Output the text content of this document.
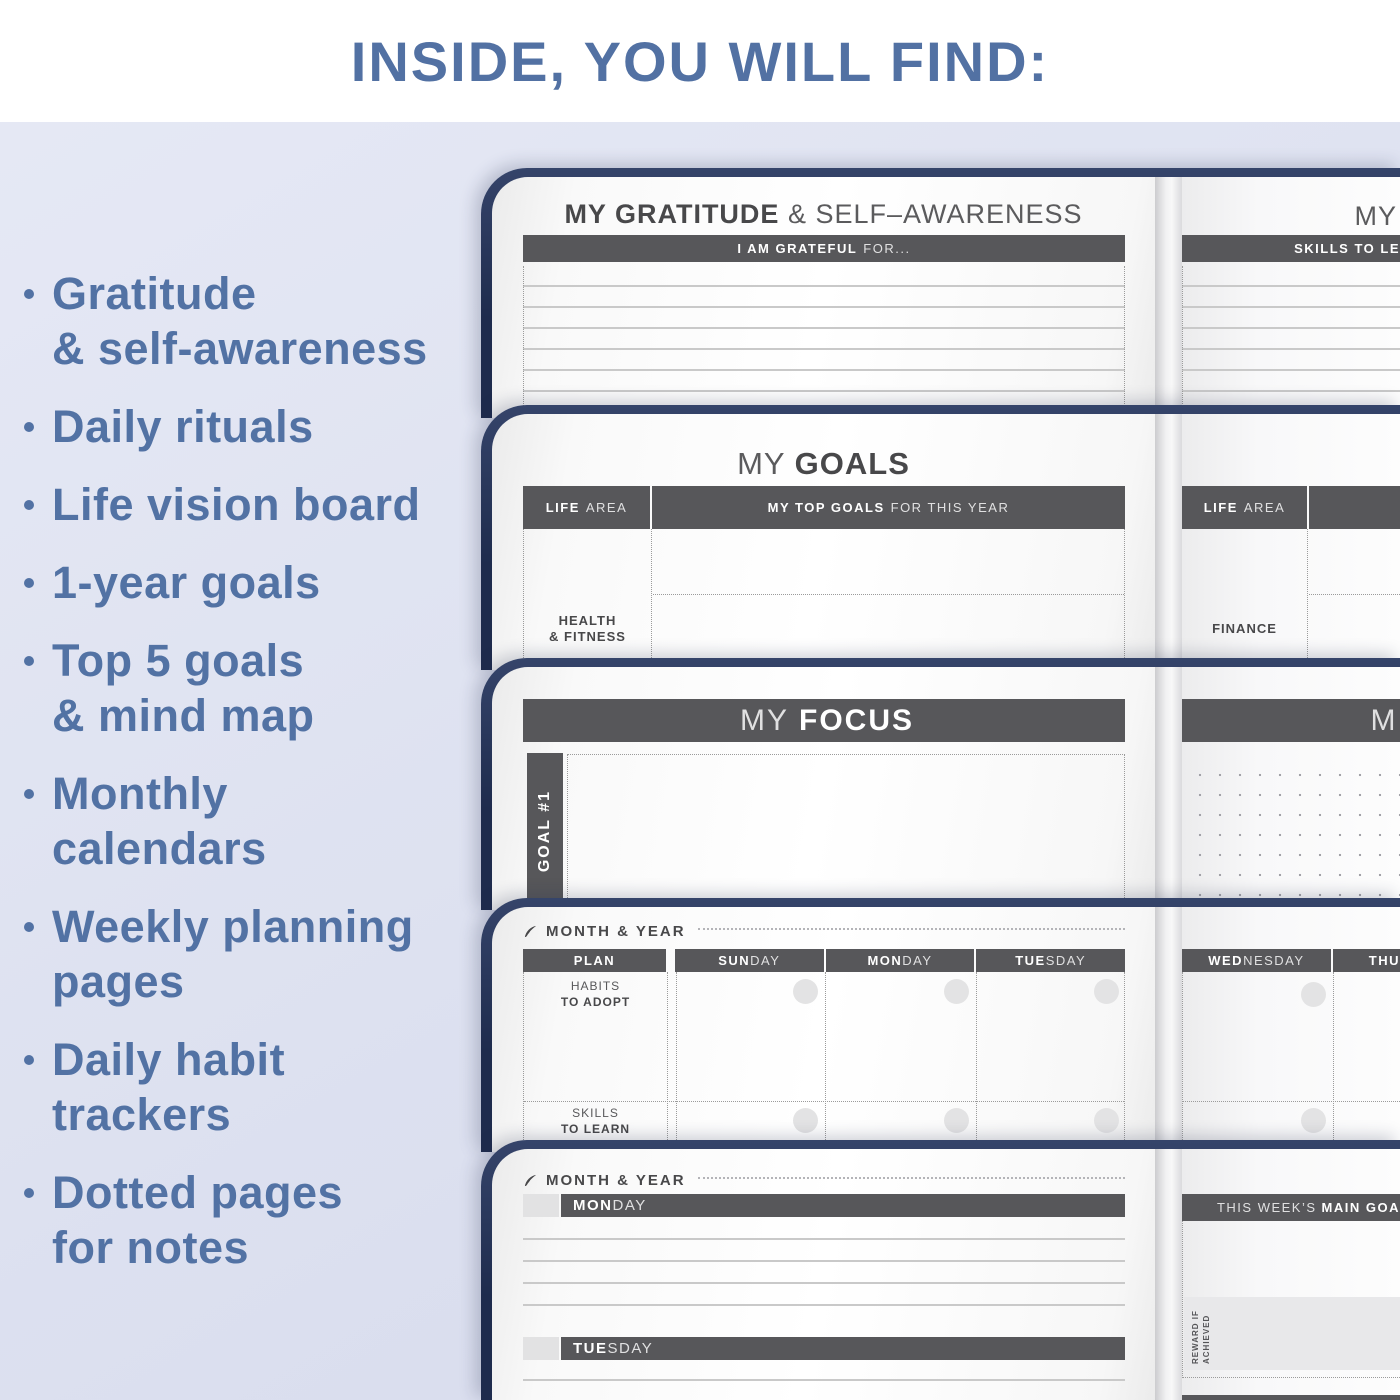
INSIDE, YOU WILL FIND:
Gratitude
& self-awareness
Daily rituals
Life vision board
1-year goals
Top 5 goals
& mind map
Monthly
calendars
Weekly planning
pages
Daily habit
trackers
Dotted pages
for notes
MY GRATITUDE & SELF–AWARENESS
I AM GRATEFUL FOR...
MY
SKILLS TO LE
MY GOALS
LIFE AREA	MY TOP GOALS FOR THIS YEAR
HEALTH
& FITNESS
LIFE AREA
FINANCE
MY FOCUS
GOAL #1
M
MONTH & YEAR
PLAN	SUN DAY	MON DAY	TUE SDAY
HABITS
TO ADOPT
SKILLS
TO LEARN
WED NESDAY	THU
MONTH & YEAR
MON DAY
TUE SDAY
THIS WEEK’S MAIN GOA
REWARD IF ACHIEVED
